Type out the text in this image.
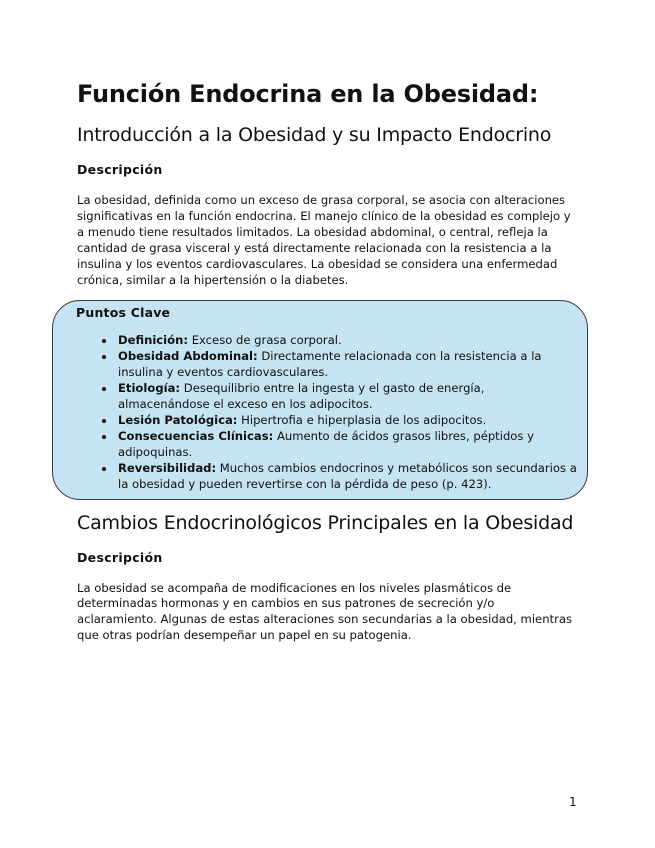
Función Endocrina en la Obesidad:
Introducción a la Obesidad y su Impacto Endocrino
Descripción

La obesidad, definida como un exceso de grasa corporal, se asocia con alteraciones significativas en la función endocrina. El manejo clínico de la obesidad es complejo y a menudo tiene resultados limitados. La obesidad abdominal, o central, refleja la cantidad de grasa visceral y está directamente relacionada con la resistencia a la insulina y los eventos cardiovasculares. La obesidad se considera una enfermedad crónica, similar a la hipertensión o la diabetes.

Puntos Clave
• Definición: Exceso de grasa corporal.
• Obesidad Abdominal: Directamente relacionada con la resistencia a la insulina y eventos cardiovasculares.
• Etiología: Desequilibrio entre la ingesta y el gasto de energía, almacenándose el exceso en los adipocitos.
• Lesión Patológica: Hipertrofia e hiperplasia de los adipocitos.
• Consecuencias Clínicas: Aumento de ácidos grasos libres, péptidos y adipoquinas.
• Reversibilidad: Muchos cambios endocrinos y metabólicos son secundarios a la obesidad y pueden revertirse con la pérdida de peso (p. 423).
Cambios Endocrinológicos Principales en la Obesidad
Descripción

La obesidad se acompaña de modificaciones en los niveles plasmáticos de determinadas hormonas y en cambios en sus patrones de secreción y/o aclaramiento. Algunas de estas alteraciones son secundarias a la obesidad, mientras que otras podrían desempeñar un papel en su patogenia.

1
